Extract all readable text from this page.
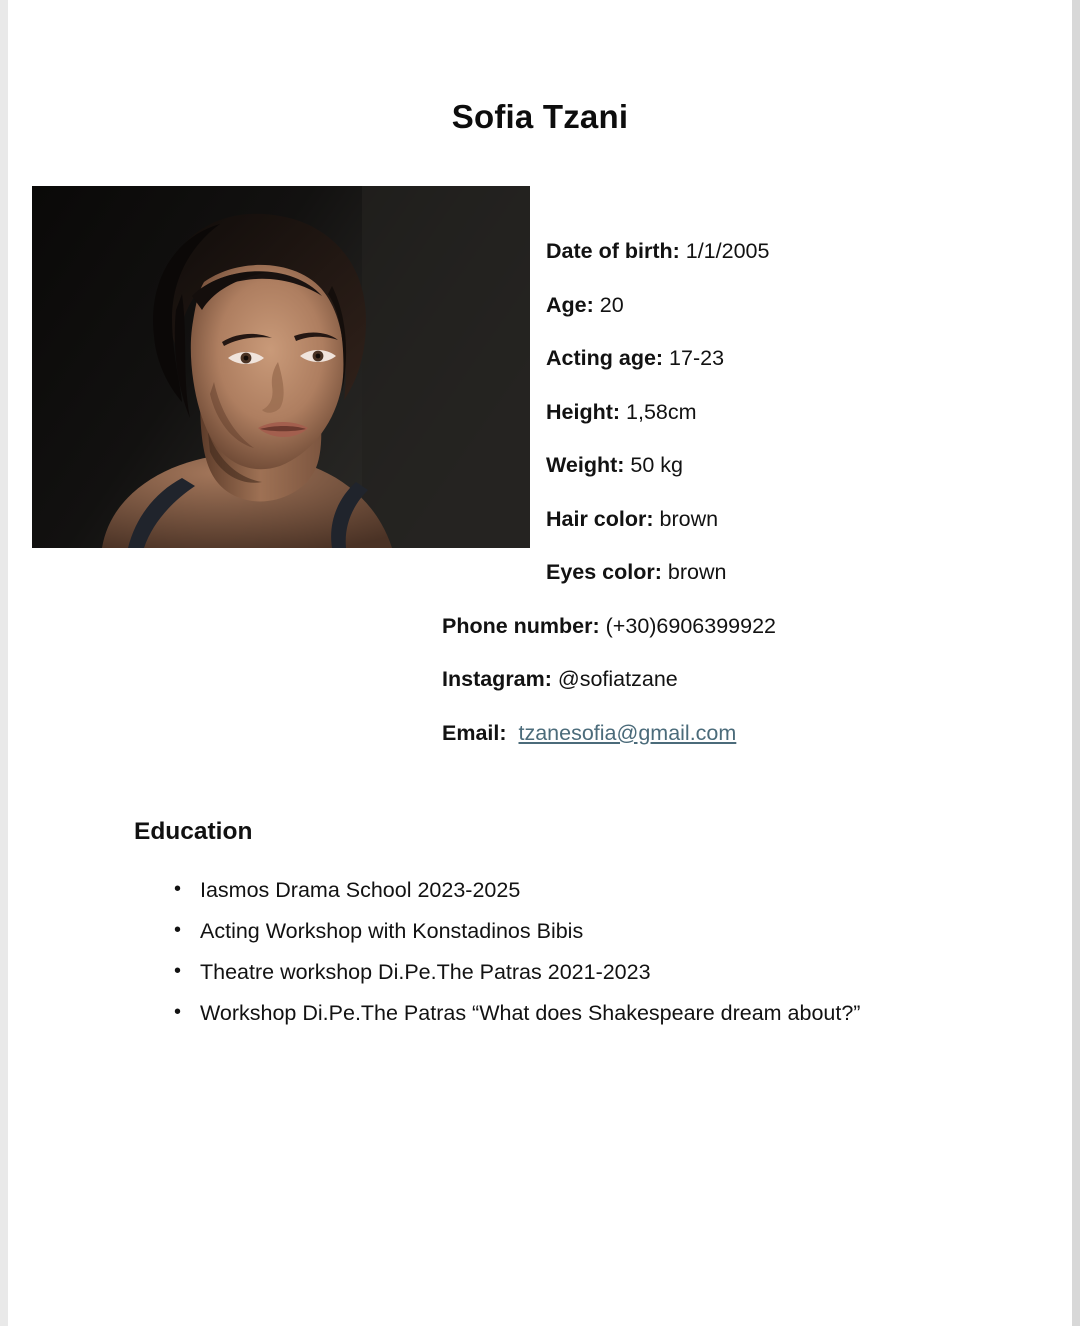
Sofia Tzani
Date of birth: 1/1/2005
Age: 20
Acting age: 17-23
Height: 1,58cm
Weight: 50 kg
Hair color: brown
Eyes color: brown
Phone number: (+30)6906399922
Instagram: @sofiatzane
Email: tzanesofia@gmail.com
Education
• Iasmos Drama School 2023-2025
• Acting Workshop with Konstadinos Bibis
• Theatre workshop Di.Pe.The Patras 2021-2023
• Workshop Di.Pe.The Patras “What does Shakespeare dream about?”
